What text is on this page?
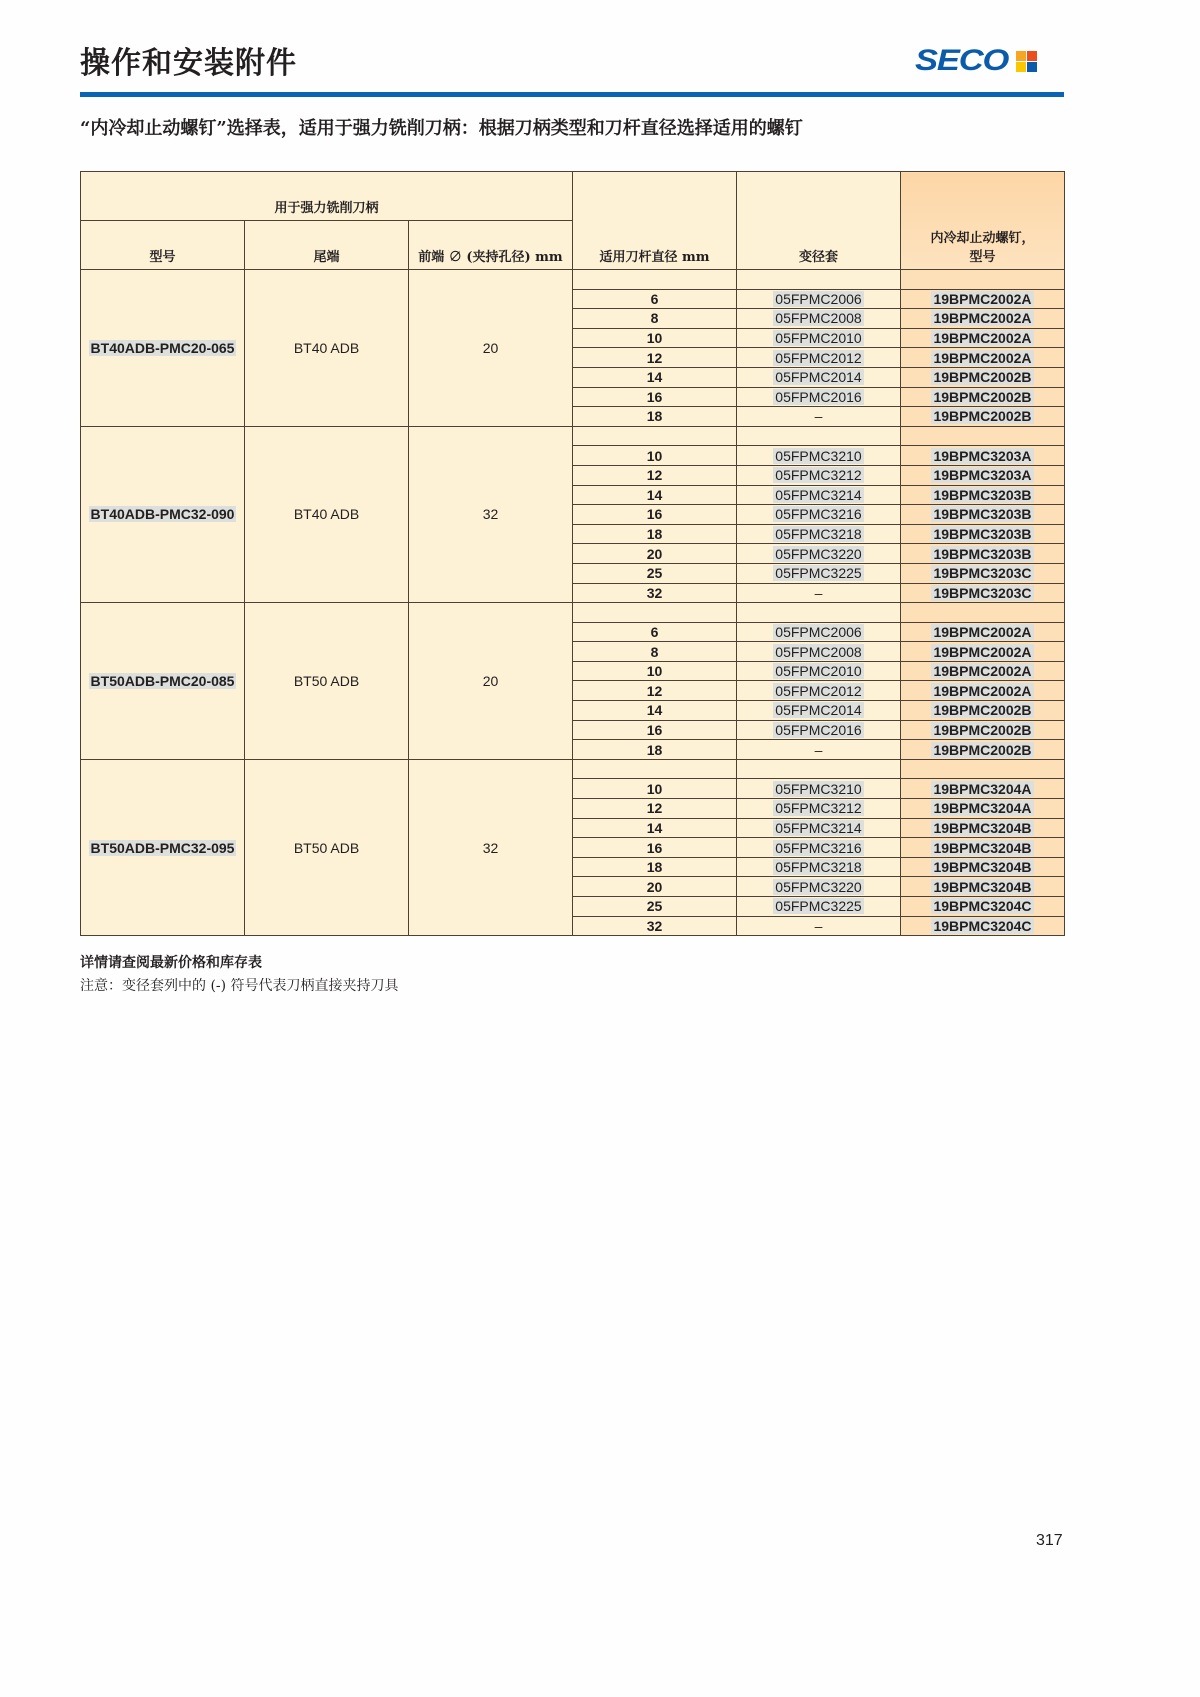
操作和安装附件	SECO
“内冷却止动螺钉”选择表，适用于强力铣削刀柄：根据刀柄类型和刀杆直径选择适用的螺钉
用于强力铣削刀柄			适用刀杆直径 mm	变径套	内冷却止动螺钉，
型号
型号	尾端	前端 ∅ (夹持孔径) mm			
BT40ADB-PMC20-065	BT40 ADB	20			
			6	05FPMC2006	19BPMC2002A
			8	05FPMC2008	19BPMC2002A
			10	05FPMC2010	19BPMC2002A
			12	05FPMC2012	19BPMC2002A
			14	05FPMC2014	19BPMC2002B
			16	05FPMC2016	19BPMC2002B
			18	–	19BPMC2002B
BT40ADB-PMC32-090	BT40 ADB	32			
			10	05FPMC3210	19BPMC3203A
			12	05FPMC3212	19BPMC3203A
			14	05FPMC3214	19BPMC3203B
			16	05FPMC3216	19BPMC3203B
			18	05FPMC3218	19BPMC3203B
			20	05FPMC3220	19BPMC3203B
			25	05FPMC3225	19BPMC3203C
			32	–	19BPMC3203C
BT50ADB-PMC20-085	BT50 ADB	20			
			6	05FPMC2006	19BPMC2002A
			8	05FPMC2008	19BPMC2002A
			10	05FPMC2010	19BPMC2002A
			12	05FPMC2012	19BPMC2002A
			14	05FPMC2014	19BPMC2002B
			16	05FPMC2016	19BPMC2002B
			18	–	19BPMC2002B
BT50ADB-PMC32-095	BT50 ADB	32			
			10	05FPMC3210	19BPMC3204A
			12	05FPMC3212	19BPMC3204A
			14	05FPMC3214	19BPMC3204B
			16	05FPMC3216	19BPMC3204B
			18	05FPMC3218	19BPMC3204B
			20	05FPMC3220	19BPMC3204B
			25	05FPMC3225	19BPMC3204C
			32	–	19BPMC3204C
详情请查阅最新价格和库存表
注意：变径套列中的 (-) 符号代表刀柄直接夹持刀具
317
